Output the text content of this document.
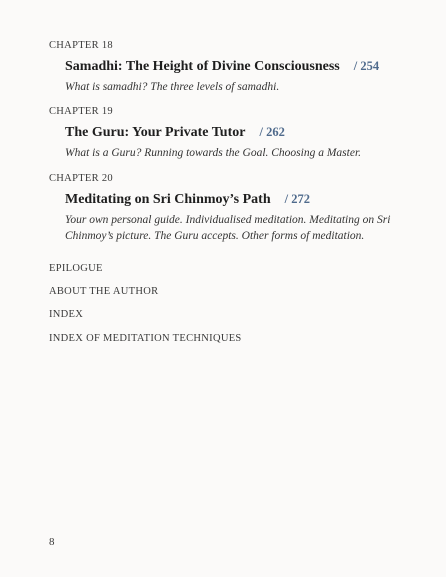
CHAPTER 18

Samadhi: The Height of Divine Consciousness / 254
What is samadhi? The three levels of samadhi.

CHAPTER 19

The Guru: Your Private Tutor / 262
What is a Guru? Running towards the Goal. Choosing a Master.

CHAPTER 20

Meditating on Sri Chinmoy’s Path / 272
Your own personal guide. Individualised meditation. Meditating on Sri Chinmoy’s picture. The Guru accepts. Other forms of meditation.
EPILOGUE
ABOUT THE AUTHOR
INDEX
INDEX OF MEDITATION TECHNIQUES
8
